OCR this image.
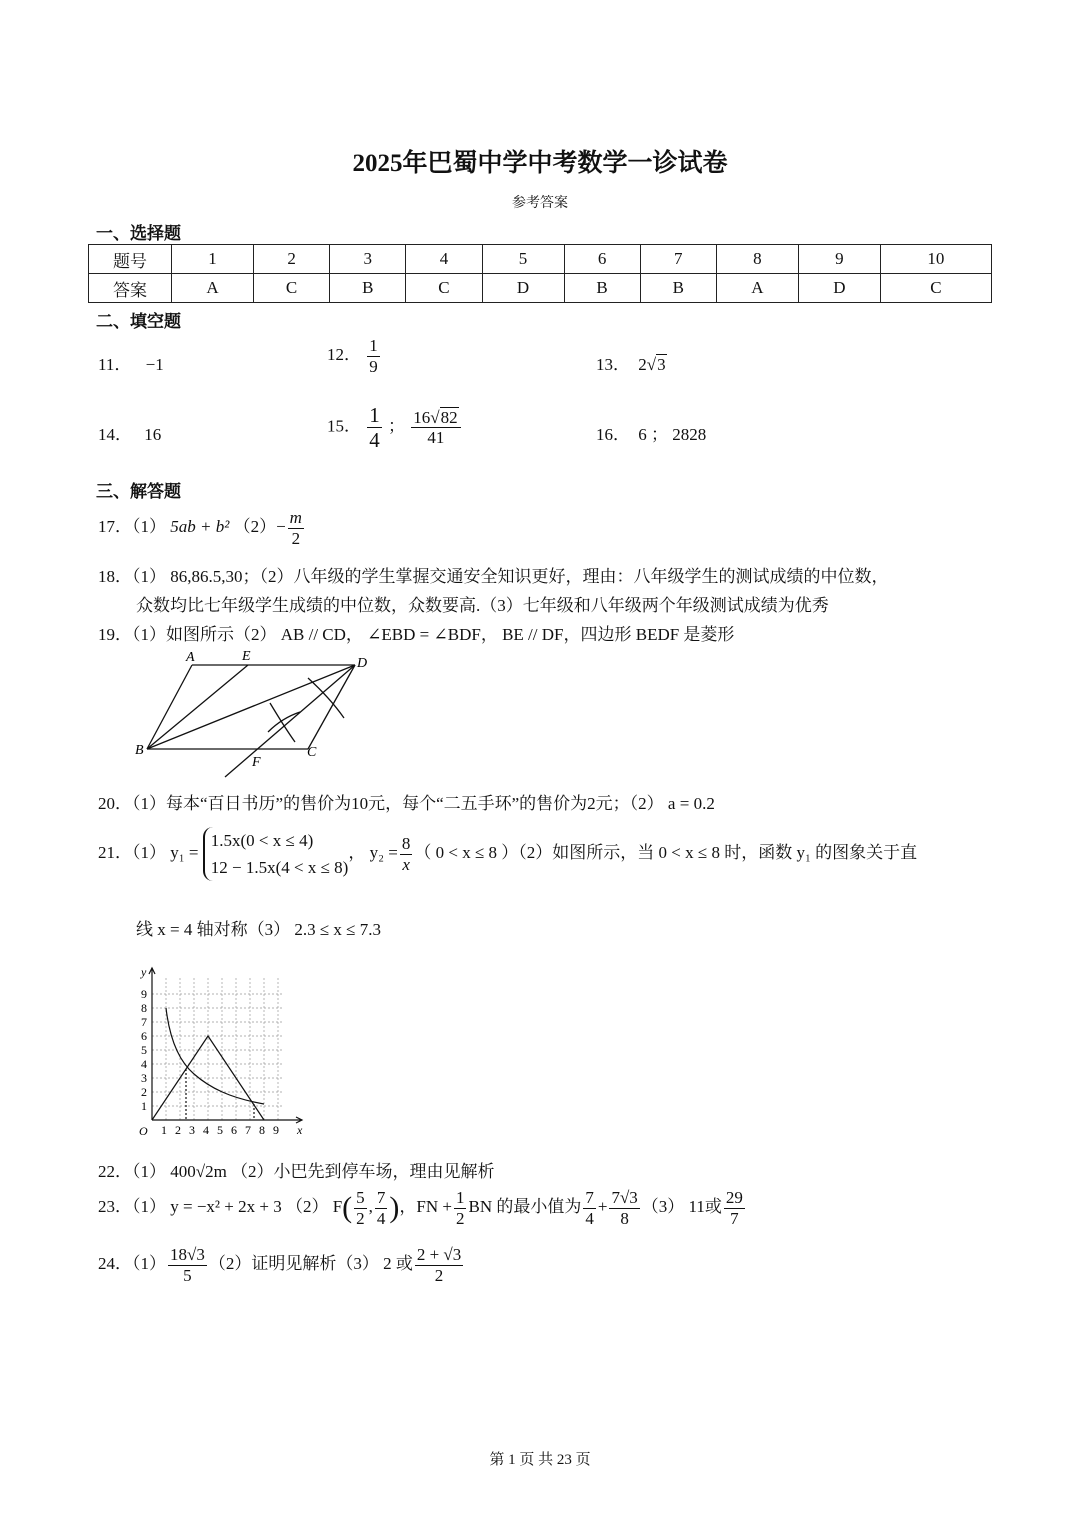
2025年巴蜀中学中考数学一诊试卷
参考答案
一、选择题
题号	1	2	3	4	5	6	7	8	9	10
答案	A	C	B	C	D	B	B	A	D	C
二、填空题
11． −1
12． $\frac{1}{9}$	13． 2√3
14． 16	15． $\frac{1}{4}$ ； $\frac{16√82}{41}$	16． 6 ； 2828
三、解答题
17．（1） 5ab + b² $(2)- \frac{m}{2}$
18．（1） 86,86.5,30；（2）八年级的学生掌握交通安全知识更好，理由：八年级学生的测试成绩的中位数，
众数均比七年级学生成绩的中位数，众数要高.（3）七年级和八年级两个年级测试成绩为优秀
19．（1）如图所示（2） AB // CD， ∠EBD = ∠BDF， BE // DF，四边形 BEDF 是菱形
A	E	D
B
F
C
20．（1）每本“百日书历”的售价为10元，每个“二五手环”的售价为2元；（2） a = 0.2
21．（1） y₁ =
1.5x(0 < x ≤ 4)
12 − 1.5x(4 < x ≤ 8)
， $y_2 = \frac{8}{x}$ （ 0 < x ≤ 8 ）（2）如图所示，当 0 < x ≤ 8 时，函数 y₁ 的图象关于直
线 x = 4 轴对称（3） 2.3 ≤ x ≤ 7.3
1 2 3 4 5 6 7 8 9
1
2
3
4
5
6
7
8
9
O	x
y
22．（1） 400√2m （2）小巴先到停车场，理由见解析
23．（1） y = −x² + 2x + 3 （2） $F( \frac{5}{2}$ , $\frac{7}{4}$ )，FN + $\frac{1}{2}$ BN 的最小值为 $\frac{7}{4} + \frac{7√3}{8} (3)$ 11或 $\frac{29}{7}$
24．$(1) \frac{18√3}{5} (2)$证明见解析（3） 2 或 $\frac{2 + √3}{2}$
第 1 页 共 23 页
